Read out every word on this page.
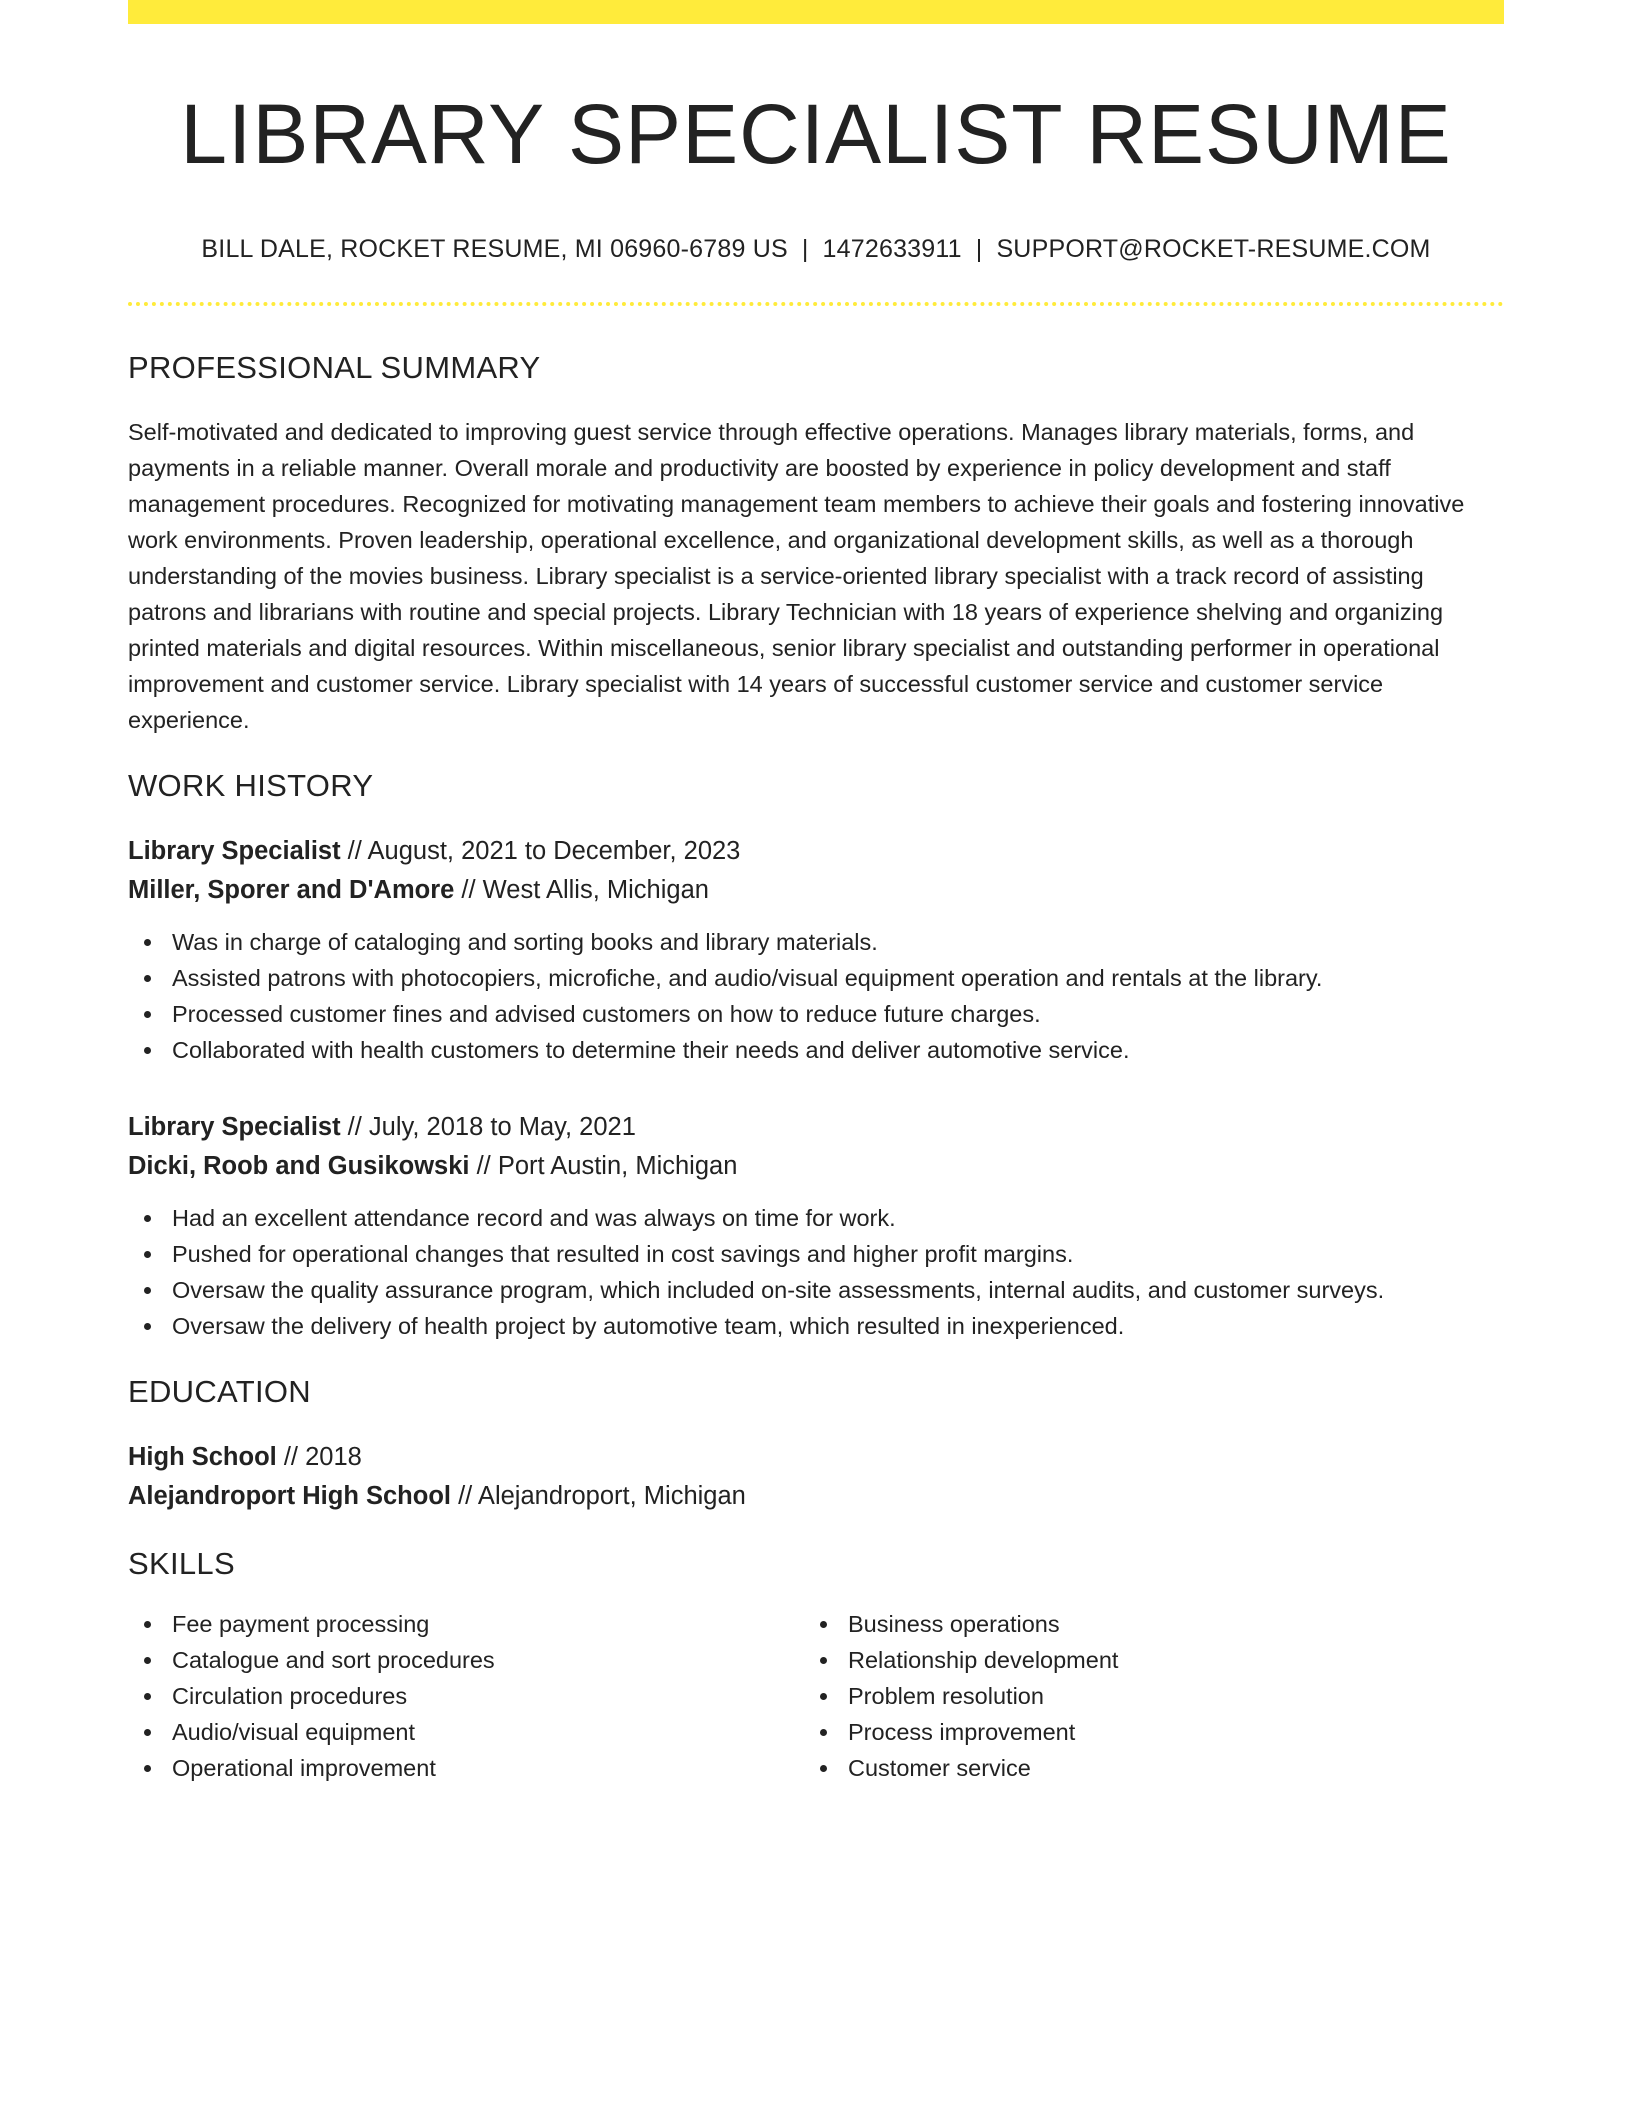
LIBRARY SPECIALIST RESUME
BILL DALE, ROCKET RESUME, MI 06960-6789 US | 1472633911 | SUPPORT@ROCKET-RESUME.COM
PROFESSIONAL SUMMARY

Self-motivated and dedicated to improving guest service through effective operations. Manages library materials, forms, and payments in a reliable manner. Overall morale and productivity are boosted by experience in policy development and staff management procedures. Recognized for motivating management team members to achieve their goals and fostering innovative work environments. Proven leadership, operational excellence, and organizational development skills, as well as a thorough understanding of the movies business. Library specialist is a service-oriented library specialist with a track record of assisting patrons and librarians with routine and special projects. Library Technician with 18 years of experience shelving and organizing printed materials and digital resources. Within miscellaneous, senior library specialist and outstanding performer in operational improvement and customer service. Library specialist with 14 years of successful customer service and customer service experience.

WORK HISTORY
Library Specialist // August, 2021 to December, 2023
Miller, Sporer and D'Amore // West Allis, Michigan
Was in charge of cataloging and sorting books and library materials.
Assisted patrons with photocopiers, microfiche, and audio/visual equipment operation and rentals at the library.
Processed customer fines and advised customers on how to reduce future charges.
Collaborated with health customers to determine their needs and deliver automotive service.
Library Specialist // July, 2018 to May, 2021
Dicki, Roob and Gusikowski // Port Austin, Michigan
Had an excellent attendance record and was always on time for work.
Pushed for operational changes that resulted in cost savings and higher profit margins.
Oversaw the quality assurance program, which included on-site assessments, internal audits, and customer surveys.
Oversaw the delivery of health project by automotive team, which resulted in inexperienced.
EDUCATION
High School // 2018
Alejandroport High School // Alejandroport, Michigan
SKILLS
Fee payment processing
Catalogue and sort procedures
Circulation procedures
Audio/visual equipment
Operational improvement
Business operations
Relationship development
Problem resolution
Process improvement
Customer service
